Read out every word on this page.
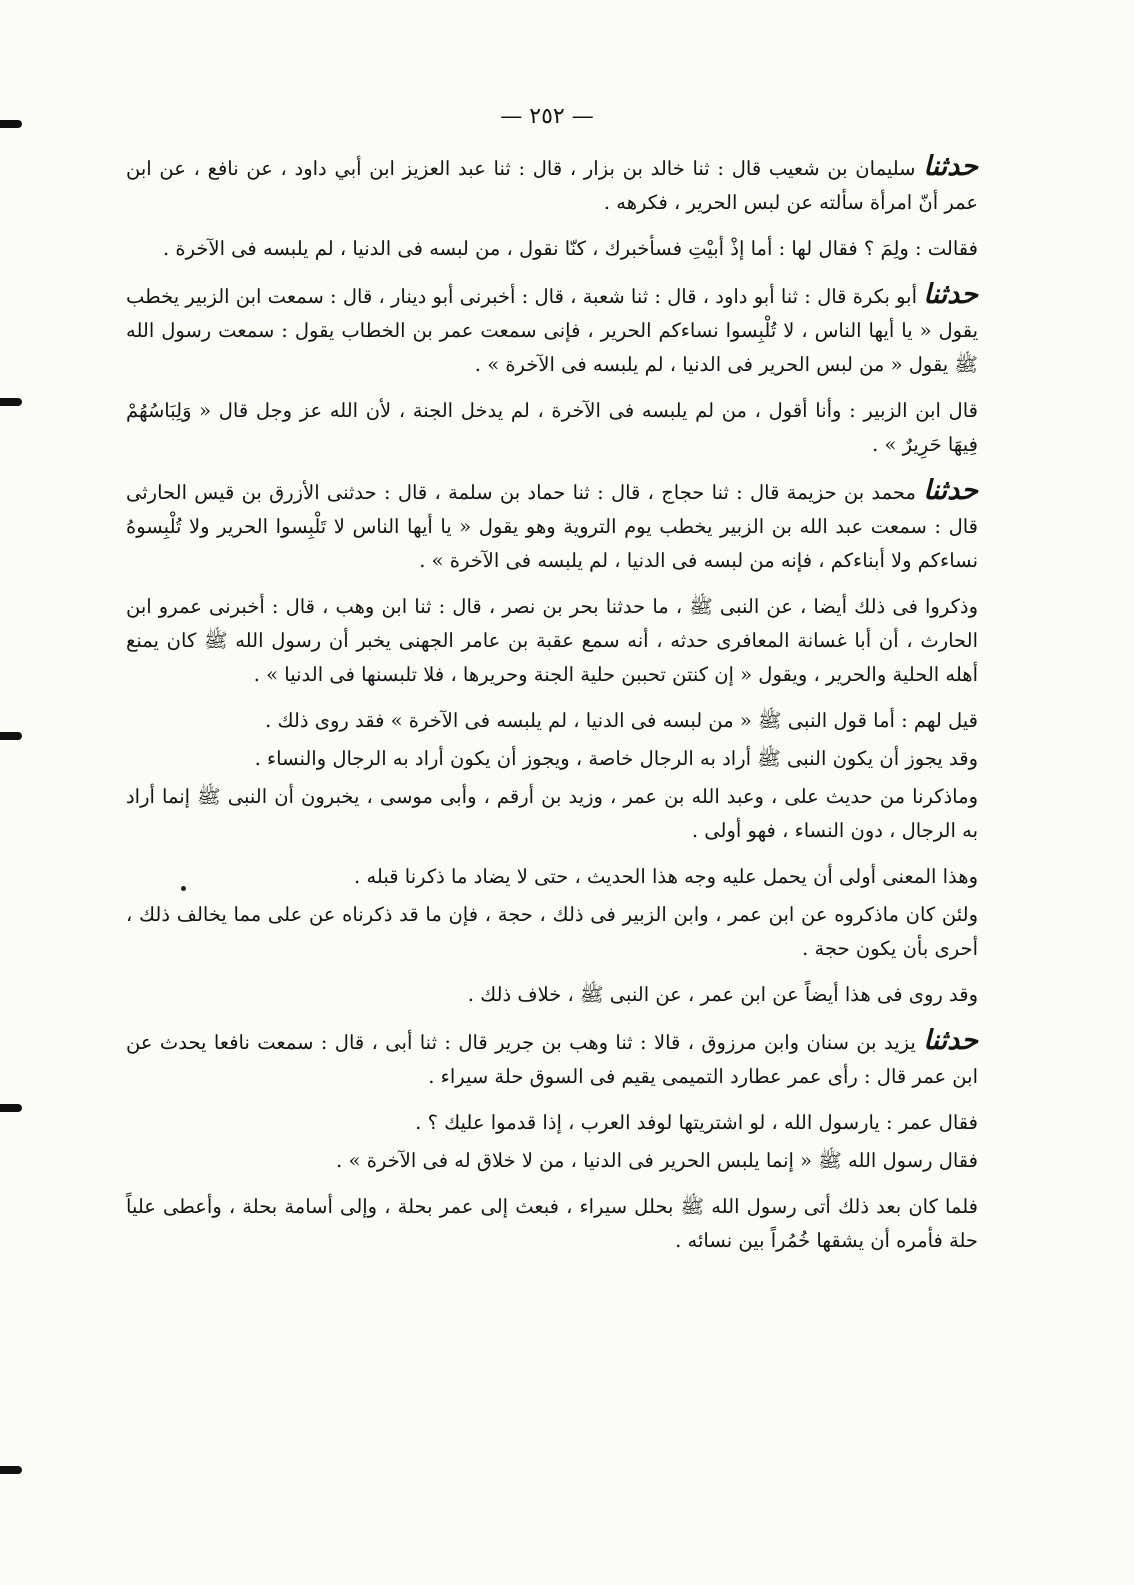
— ٢٥٢ —

حدثنا سليمان بن شعيب قال : ثنا خالد بن بزار ، قال : ثنا عبد العزيز ابن أبي داود ، عن نافع ، عن ابن عمر أنّ امرأة سألته عن لبس الحرير ، فكرهه .

فقالت : ولِمَ ؟ فقال لها : أما إذْ أبيْتِ فسأخبرك ، كنّا نقول ، من لبسه فى الدنيا ، لم يلبسه فى الآخرة .

حدثنا أبو بكرة قال : ثنا أبو داود ، قال : ثنا شعبة ، قال : أخبرنى أبو دينار ، قال : سمعت ابن الزبير يخطب يقول « يا أيها الناس ، لا تُلْبِسوا نساءكم الحرير ، فإنى سمعت عمر بن الخطاب يقول : سمعت رسول الله ﷺ يقول « من لبس الحرير فى الدنيا ، لم يلبسه فى الآخرة » .

قال ابن الزبير : وأنا أقول ، من لم يلبسه فى الآخرة ، لم يدخل الجنة ، لأن الله عز وجل قال « وَلِبَاسُهُمْ فِيهَا حَرِيرٌ » .

حدثنا محمد بن حزيمة قال : ثنا حجاج ، قال : ثنا حماد بن سلمة ، قال : حدثنى الأزرق بن قيس الحارثى قال : سمعت عبد الله بن الزبير يخطب يوم التروية وهو يقول « يا أيها الناس لا تَلْبِسوا الحرير ولا تُلْبِسوهُ نساءكم ولا أبناءكم ، فإنه من لبسه فى الدنيا ، لم يلبسه فى الآخرة » .

وذكروا فى ذلك أيضا ، عن النبى ﷺ ، ما حدثنا بحر بن نصر ، قال : ثنا ابن وهب ، قال : أخبرنى عمرو ابن الحارث ، أن أبا غسانة المعافرى حدثه ، أنه سمع عقبة بن عامر الجهنى يخبر أن رسول الله ﷺ كان يمنع أهله الحلية والحرير ، ويقول « إن كنتن تحببن حلية الجنة وحريرها ، فلا تلبسنها فى الدنيا » .

قيل لهم : أما قول النبى ﷺ « من لبسه فى الدنيا ، لم يلبسه فى الآخرة » فقد روى ذلك .

وقد يجوز أن يكون النبى ﷺ أراد به الرجال خاصة ، ويجوز أن يكون أراد به الرجال والنساء .

وماذكرنا من حديث على ، وعبد الله بن عمر ، وزيد بن أرقم ، وأبى موسى ، يخبرون أن النبى ﷺ إنما أراد به الرجال ، دون النساء ، فهو أولى .

وهذا المعنى أولى أن يحمل عليه وجه هذا الحديث ، حتى لا يضاد ما ذكرنا قبله .

ولئن كان ماذكروه عن ابن عمر ، وابن الزبير فى ذلك ، حجة ، فإن ما قد ذكرناه عن على مما يخالف ذلك ، أحرى بأن يكون حجة .

وقد روى فى هذا أيضاً عن ابن عمر ، عن النبى ﷺ ، خلاف ذلك .

حدثنا يزيد بن سنان وابن مرزوق ، قالا : ثنا وهب بن جرير قال : ثنا أبى ، قال : سمعت نافعا يحدث عن ابن عمر قال : رأى عمر عطارد التميمى يقيم فى السوق حلة سيراء .

فقال عمر : يارسول الله ، لو اشتريتها لوفد العرب ، إذا قدموا عليك ؟ .

فقال رسول الله ﷺ « إنما يلبس الحرير فى الدنيا ، من لا خلاق له فى الآخرة » .

فلما كان بعد ذلك أتى رسول الله ﷺ بحلل سيراء ، فبعث إلى عمر بحلة ، وإلى أسامة بحلة ، وأعطى علياً حلة فأمره أن يشقها خُمُراً بين نسائه .
